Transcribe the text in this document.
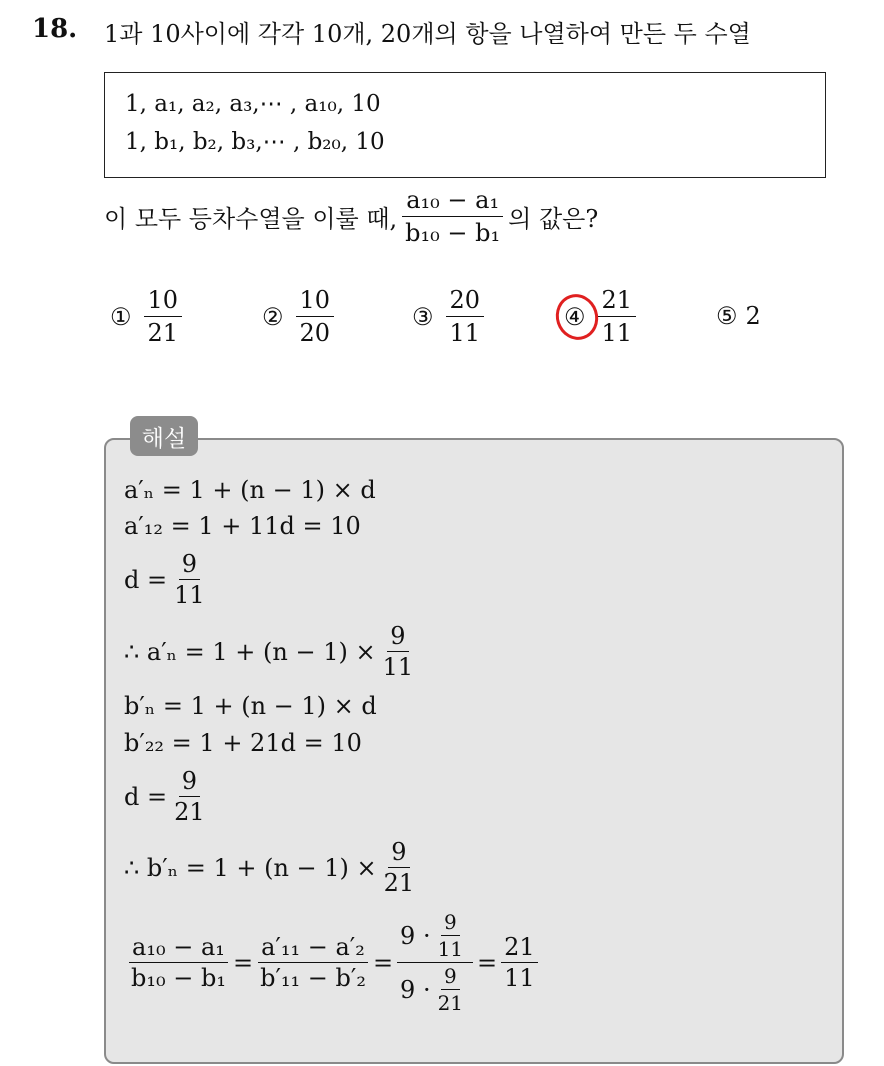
18. 1과 10사이에 각각 10개, 20개의 항을 나열하여 만든 두 수열
1, a₁, a₂, a₃,⋯ , a₁₀, 10
1, b₁, b₂, b₃,⋯ , b₂₀, 10
이 모두 등차수열을 이룰 때, $\frac{\text{a₁₀ − a₁}}{\text{b₁₀ − b₁}}$ 의 값은?
① $\frac{10}{21}$	② $\frac{10}{20}$	③ $\frac{20}{11}$	④ $\frac{21}{11}$	⑤ 2
해설
a′ₙ = 1 + (n − 1) × d
a′₁₂ = 1 + 11d = 10
$d = \frac{9}{11}$
∴ $a'_n = 1 + (n - 1) \times \frac{9}{11}$
b′ₙ = 1 + (n − 1) × d
b′₂₂ = 1 + 21d = 10
$d = \frac{9}{21}$
∴ $b'_n = 1 + (n - 1) \times \frac{9}{21}$
$\frac{\text{a₁₀ − a₁}}{\text{b₁₀ − b₁}} = \frac{\text{a′₁₁ − a′₂}}{\text{b′₁₁ − b′₂}} = \frac{9 \cdot \frac{9}{11}}{9 \cdot \frac{9}{21}} = \frac{21}{11}$
